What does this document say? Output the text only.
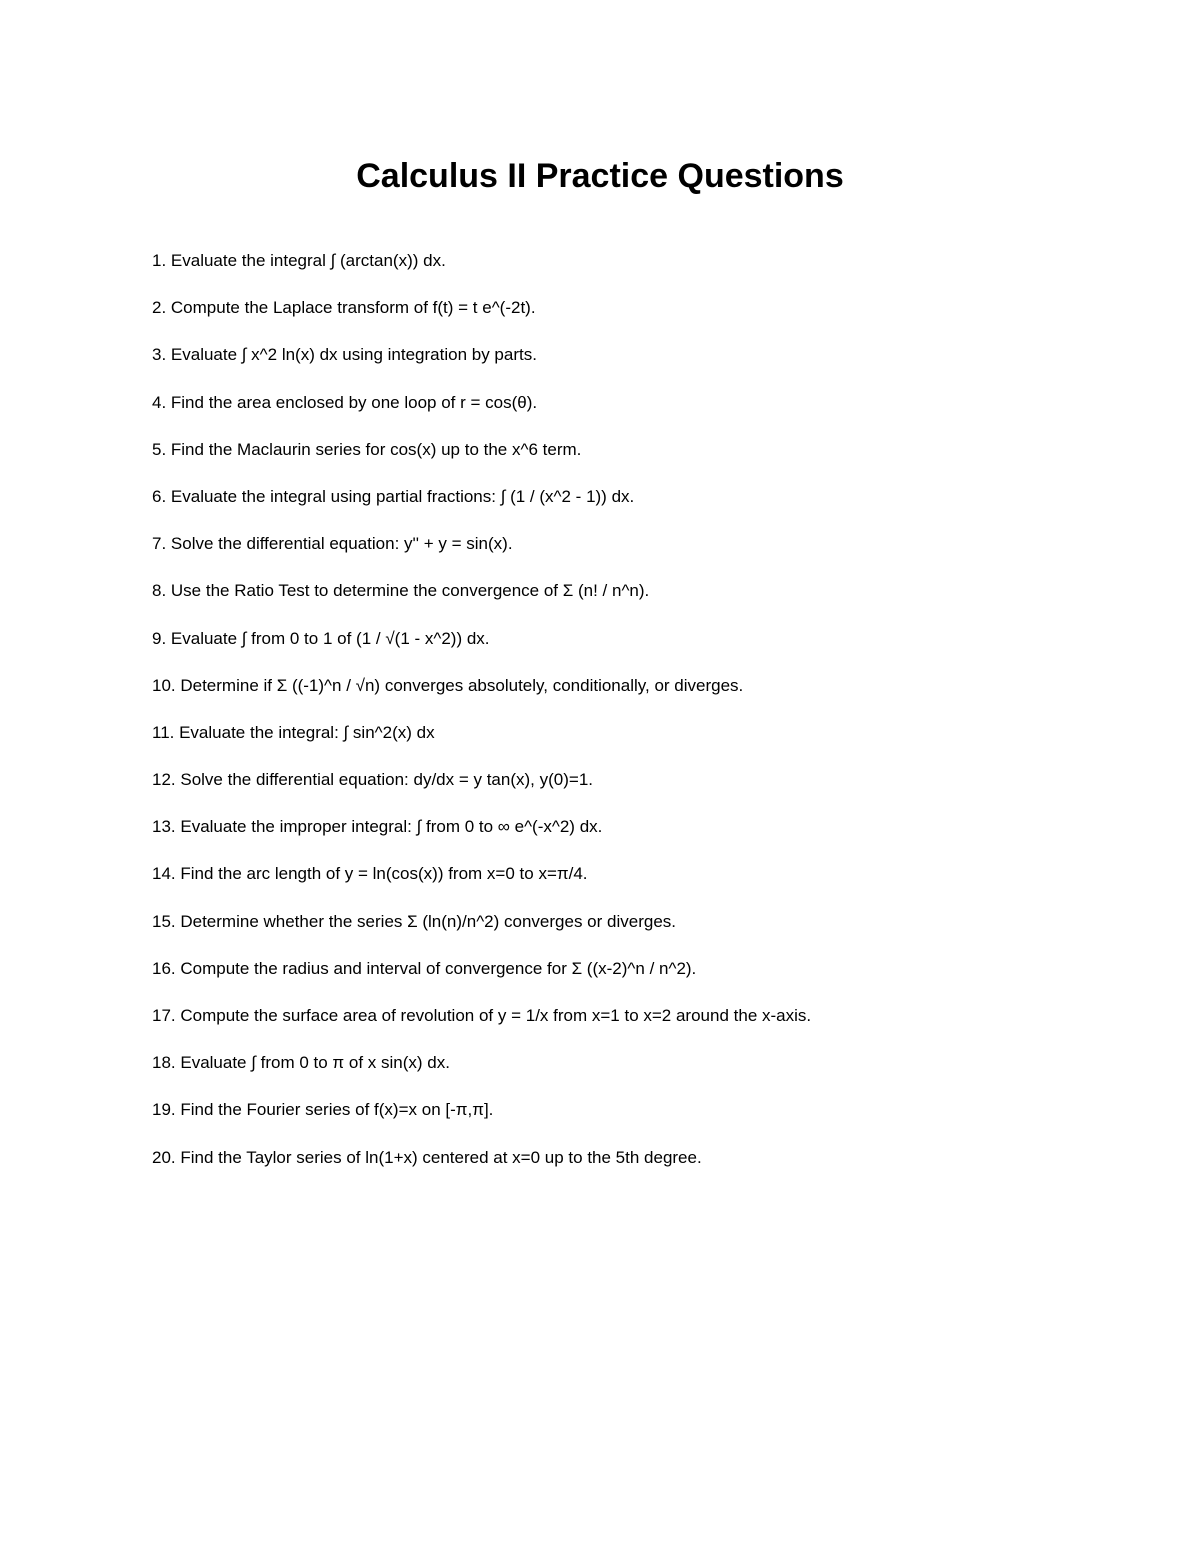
Calculus II Practice Questions
1. Evaluate the integral ∫ (arctan(x)) dx.
2. Compute the Laplace transform of f(t) = t e^(-2t).
3. Evaluate ∫ x^2 ln(x) dx using integration by parts.
4. Find the area enclosed by one loop of r = cos(θ).
5. Find the Maclaurin series for cos(x) up to the x^6 term.
6. Evaluate the integral using partial fractions: ∫ (1 / (x^2 - 1)) dx.
7. Solve the differential equation: y'' + y = sin(x).
8. Use the Ratio Test to determine the convergence of Σ (n! / n^n).
9. Evaluate ∫ from 0 to 1 of (1 / √(1 - x^2)) dx.
10. Determine if Σ ((-1)^n / √n) converges absolutely, conditionally, or diverges.
11. Evaluate the integral: ∫ sin^2(x) dx
12. Solve the differential equation: dy/dx = y tan(x), y(0)=1.
13. Evaluate the improper integral: ∫ from 0 to ∞ e^(-x^2) dx.
14. Find the arc length of y = ln(cos(x)) from x=0 to x=π/4.
15. Determine whether the series Σ (ln(n)/n^2) converges or diverges.
16. Compute the radius and interval of convergence for Σ ((x-2)^n / n^2).
17. Compute the surface area of revolution of y = 1/x from x=1 to x=2 around the x-axis.
18. Evaluate ∫ from 0 to π of x sin(x) dx.
19. Find the Fourier series of f(x)=x on [-π,π].
20. Find the Taylor series of ln(1+x) centered at x=0 up to the 5th degree.
